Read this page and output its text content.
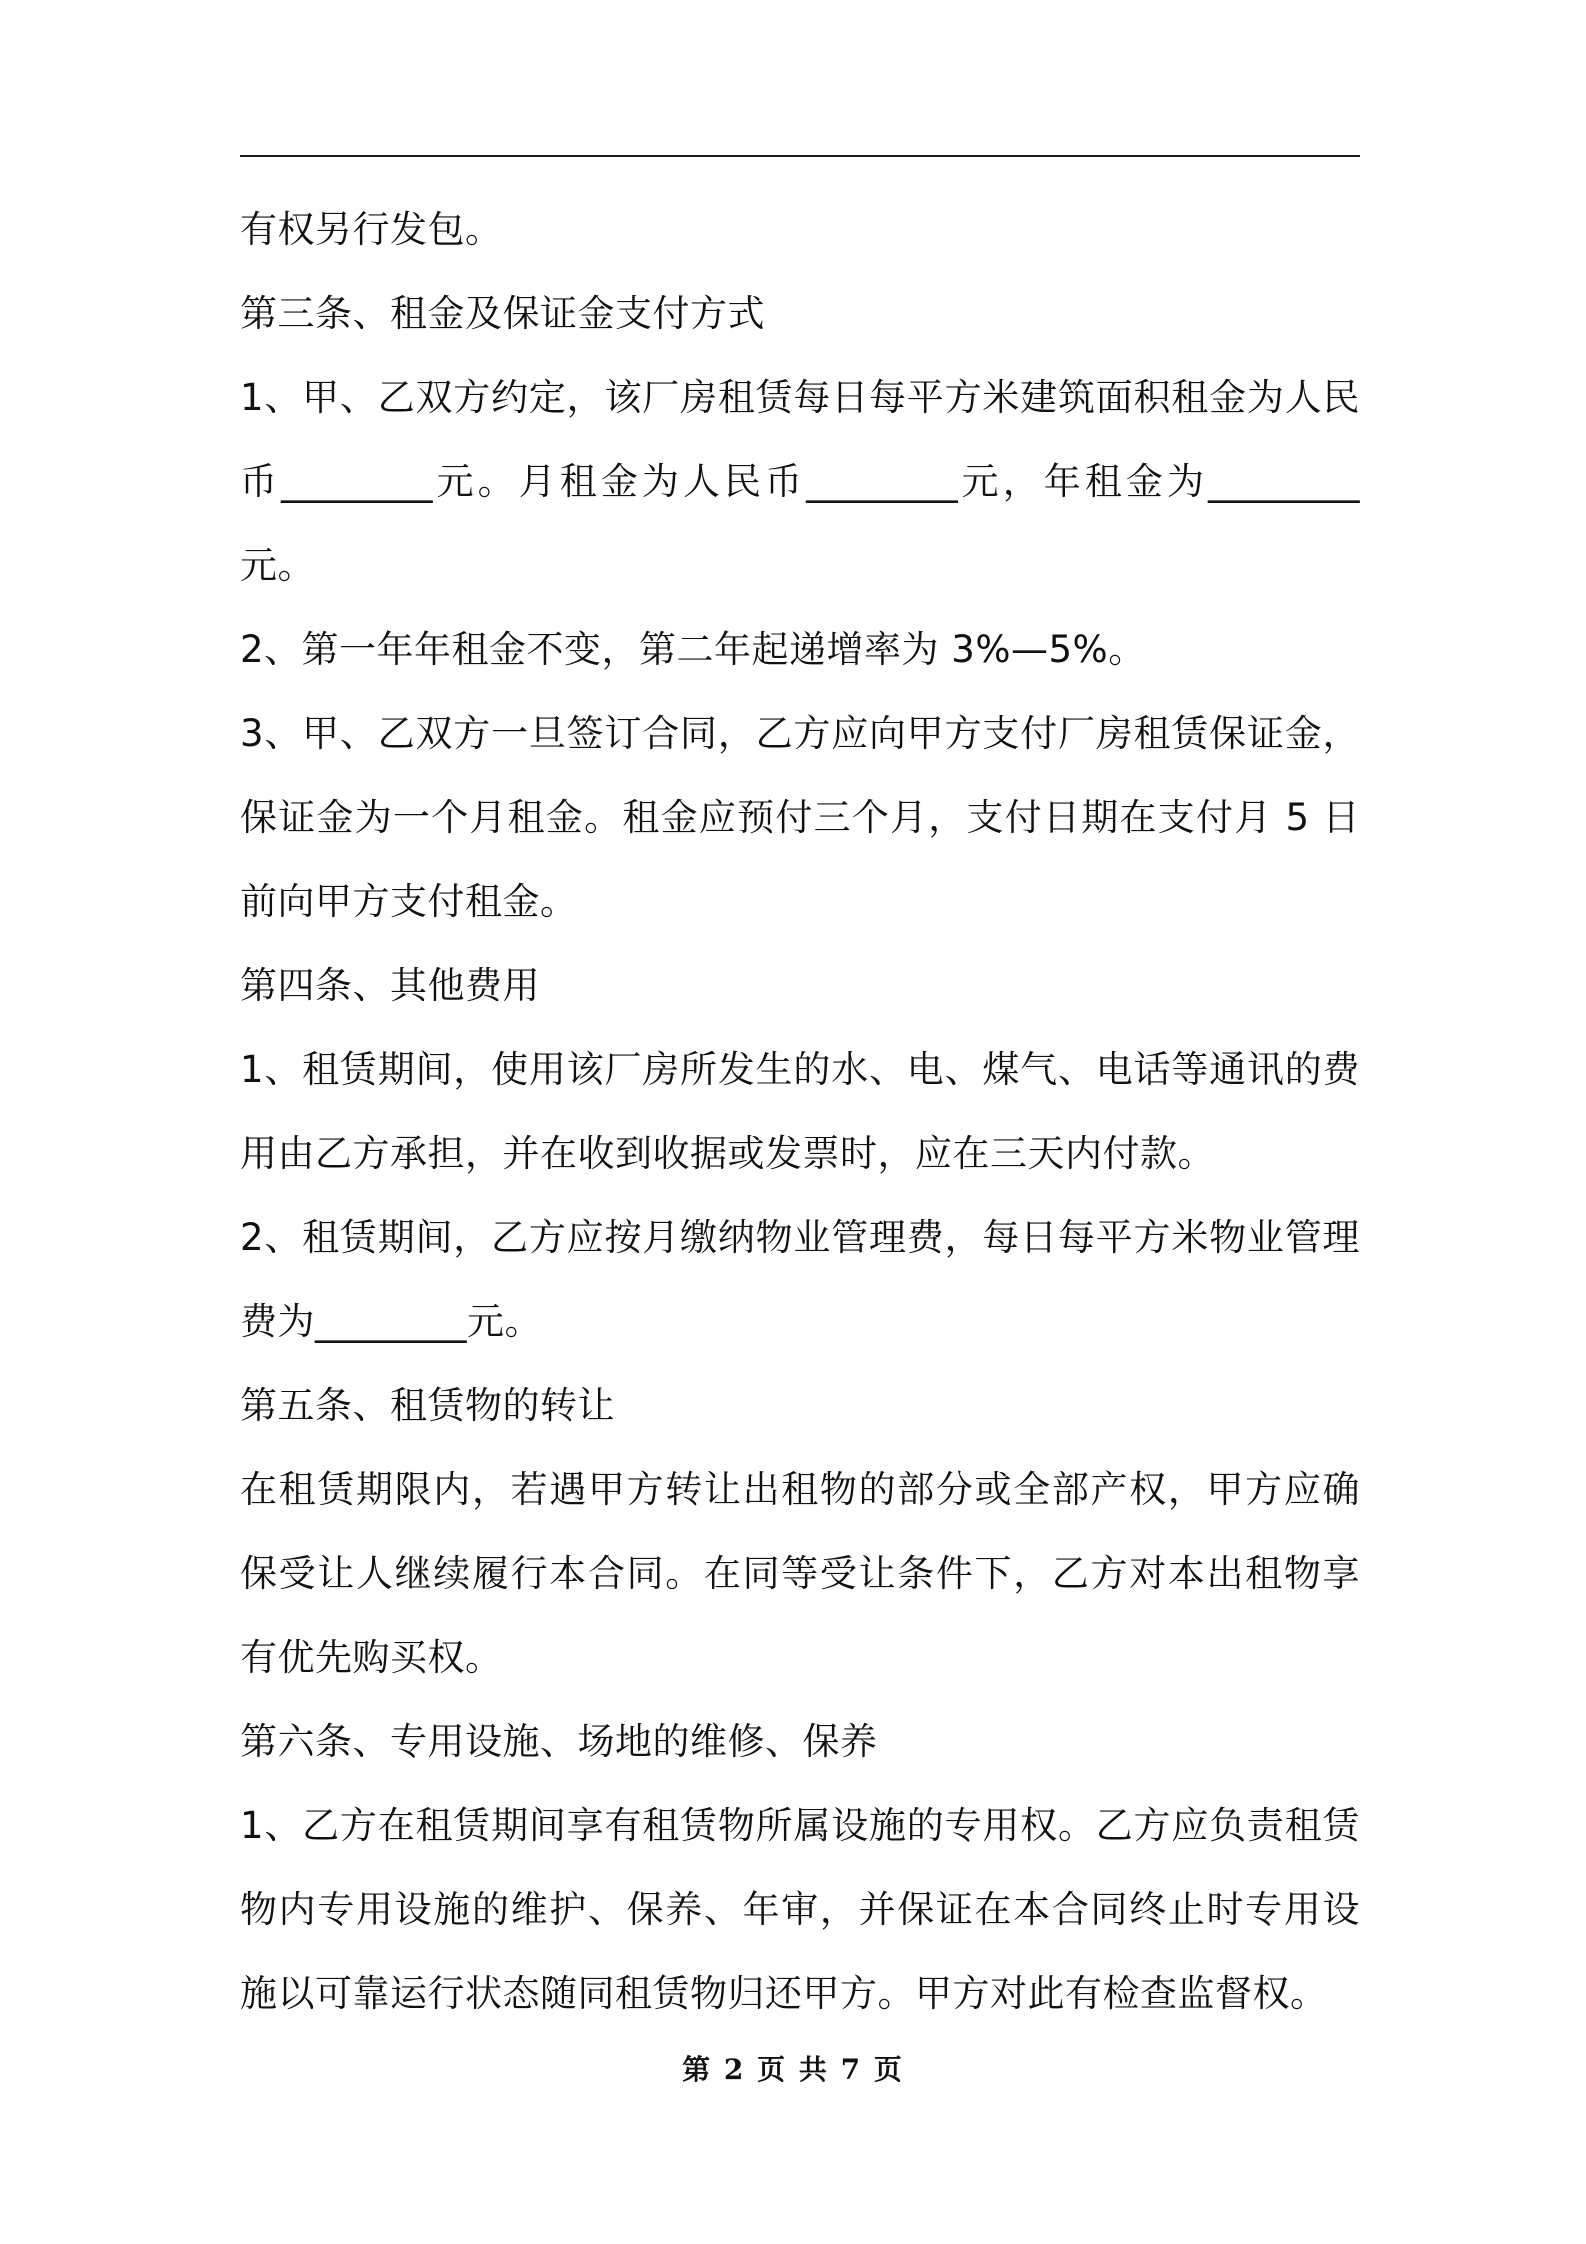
有权另行发包。

第三条、租金及保证金支付方式

1、甲、乙双方约定，该厂房租赁每日每平方米建筑面积租金为人民币________元。月租金为人民币________元，年租金为________元。

2、第一年年租金不变，第二年起递增率为 3%—5%。

3、甲、乙双方一旦签订合同，乙方应向甲方支付厂房租赁保证金，保证金为一个月租金。租金应预付三个月，支付日期在支付月 5 日前向甲方支付租金。

第四条、其他费用

1、租赁期间，使用该厂房所发生的水、电、煤气、电话等通讯的费用由乙方承担，并在收到收据或发票时，应在三天内付款。

2、租赁期间，乙方应按月缴纳物业管理费，每日每平方米物业管理费为________元。

第五条、租赁物的转让

在租赁期限内，若遇甲方转让出租物的部分或全部产权，甲方应确保受让人继续履行本合同。在同等受让条件下，乙方对本出租物享有优先购买权。

第六条、专用设施、场地的维修、保养

1、乙方在租赁期间享有租赁物所属设施的专用权。乙方应负责租赁物内专用设施的维护、保养、年审，并保证在本合同终止时专用设施以可靠运行状态随同租赁物归还甲方。甲方对此有检查监督权。

第 2 页 共 7 页
